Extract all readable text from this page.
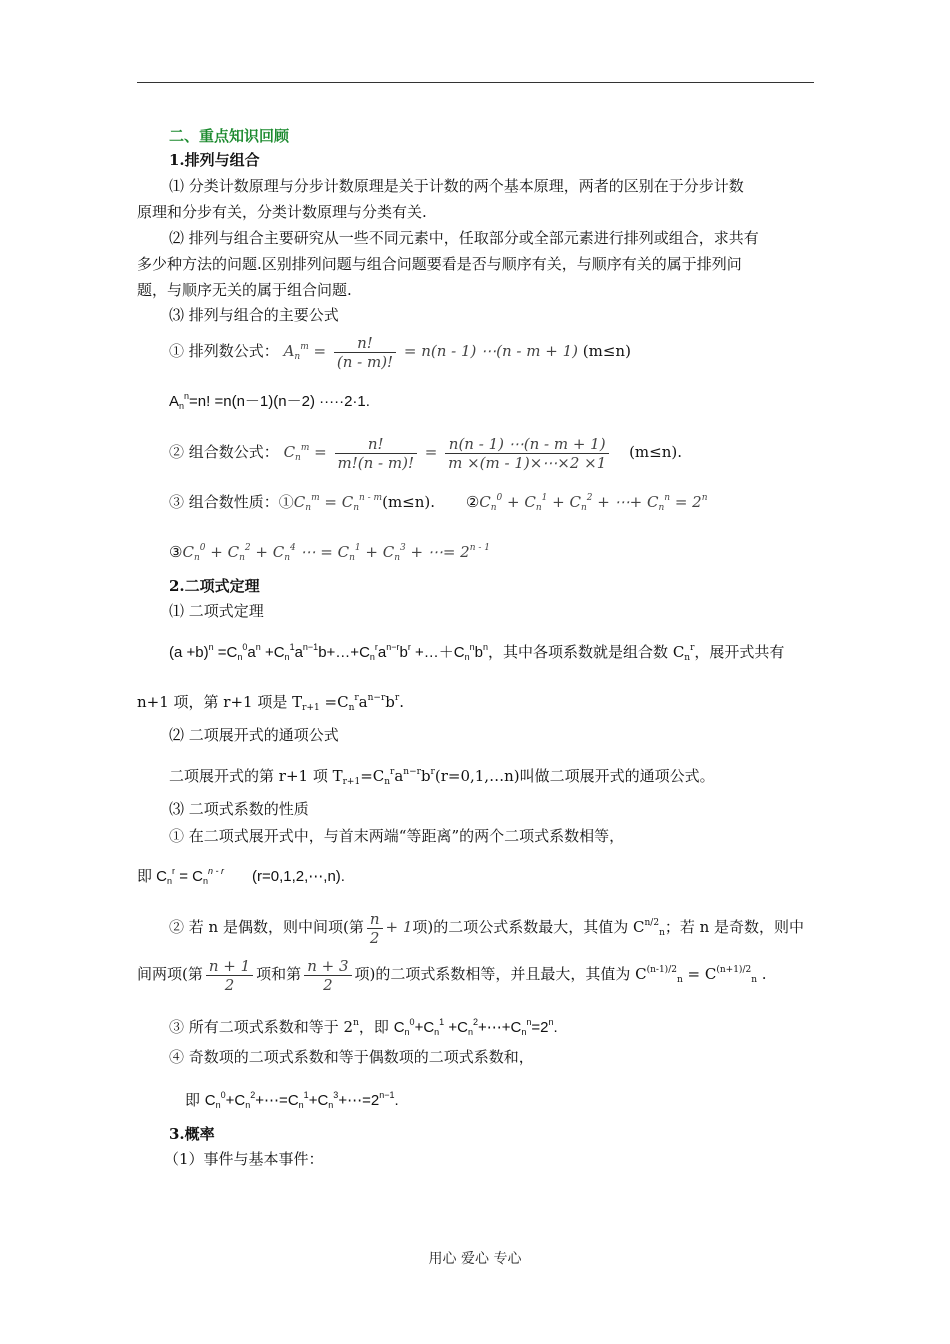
二、重点知识回顾
1.排列与组合
⑴ 分类计数原理与分步计数原理是关于计数的两个基本原理，两者的区别在于分步计数
原理和分步有关，分类计数原理与分类有关.
⑵ 排列与组合主要研究从一些不同元素中，任取部分或全部元素进行排列或组合，求共有
多少种方法的问题.区别排列问题与组合问题要看是否与顺序有关，与顺序有关的属于排列问
题，与顺序无关的属于组合问题.
⑶ 排列与组合的主要公式
① 排列数公式： $A_n^m = \frac{n!}{(n - m)!} = n(n - 1)$ ⋯(n - m + 1) (m≤n)
$A_n^n=n$! =n(n－1)(n－2) ·····2·1.
② 组合数公式： $C_n^m = \frac{n!}{m!(n - m)!} = \frac{n(n - 1) \cdots(n - m + 1)}{m \times(m - 1)\times\cdots\times 2 \times 1} (m\le n)$.
③ 组合数性质：$①C_n^m = C_n^{n - m}(m\le n)$. $②C_n^0 + C_n^1 + C_n^2$ + ⋯+ $C_n^n = 2^n$
$③C_n^0 + C_n^2 + C_n^4$ ⋯ = $C_n^1 + C_n^3$ + ⋯= $2^{n - 1}$
2.二项式定理
⑴ 二项式定理
$(a +b)^n =C_n^0a^n$ $+C_n^1a^{n-1}b+\dots+C_n^ra^{n-r}b^r$ $+\dots+C_n^nb^n$，其中各项系数就是组合数 $C_n^r$，展开式共有
n+1 项，第 r+1 项是 $T_{r+1} =C_n^ra^{n-r}b^r$.
⑵ 二项展开式的通项公式
二项展开式的第 r+1 项 $T_{r+1}=C_n^ra^{n-r}b^r(r=0,1,\dots n)$叫做二项展开式的通项公式。
⑶ 二项式系数的性质
① 在二项式展开式中，与首末两端“等距离”的两个二项式系数相等，
即 $C_n^r = C_n^{n - r}$ (r=0,1,2,⋯,n).
② 若 n 是偶数，则中间项(第 $\frac{n}{2} + 1$项)的二项公式系数最大，其值为 $C^{n/2}_n$；若 n 是奇数，则中
间两项(第 $\frac{n + 1}{2}$ 项和第 $\frac{n + 3}{2}$ 项)的二项式系数相等，并且最大，其值为 $C^{(n-1)/2}_n = C^{(n+1)/2}_n$ .
③ 所有二项式系数和等于 2$^n$，即 $C_n^0+C_n^1$ $+C_n^2+\cdots+C_n^n=2^n$.
④ 奇数项的二项式系数和等于偶数项的二项式系数和，
即 $C_n^0+C_n^2+\cdots=C_n^1+C_n^3+\cdots=2^{n-1}$.
3.概率
（1）事件与基本事件：
用心 爱心 专心
